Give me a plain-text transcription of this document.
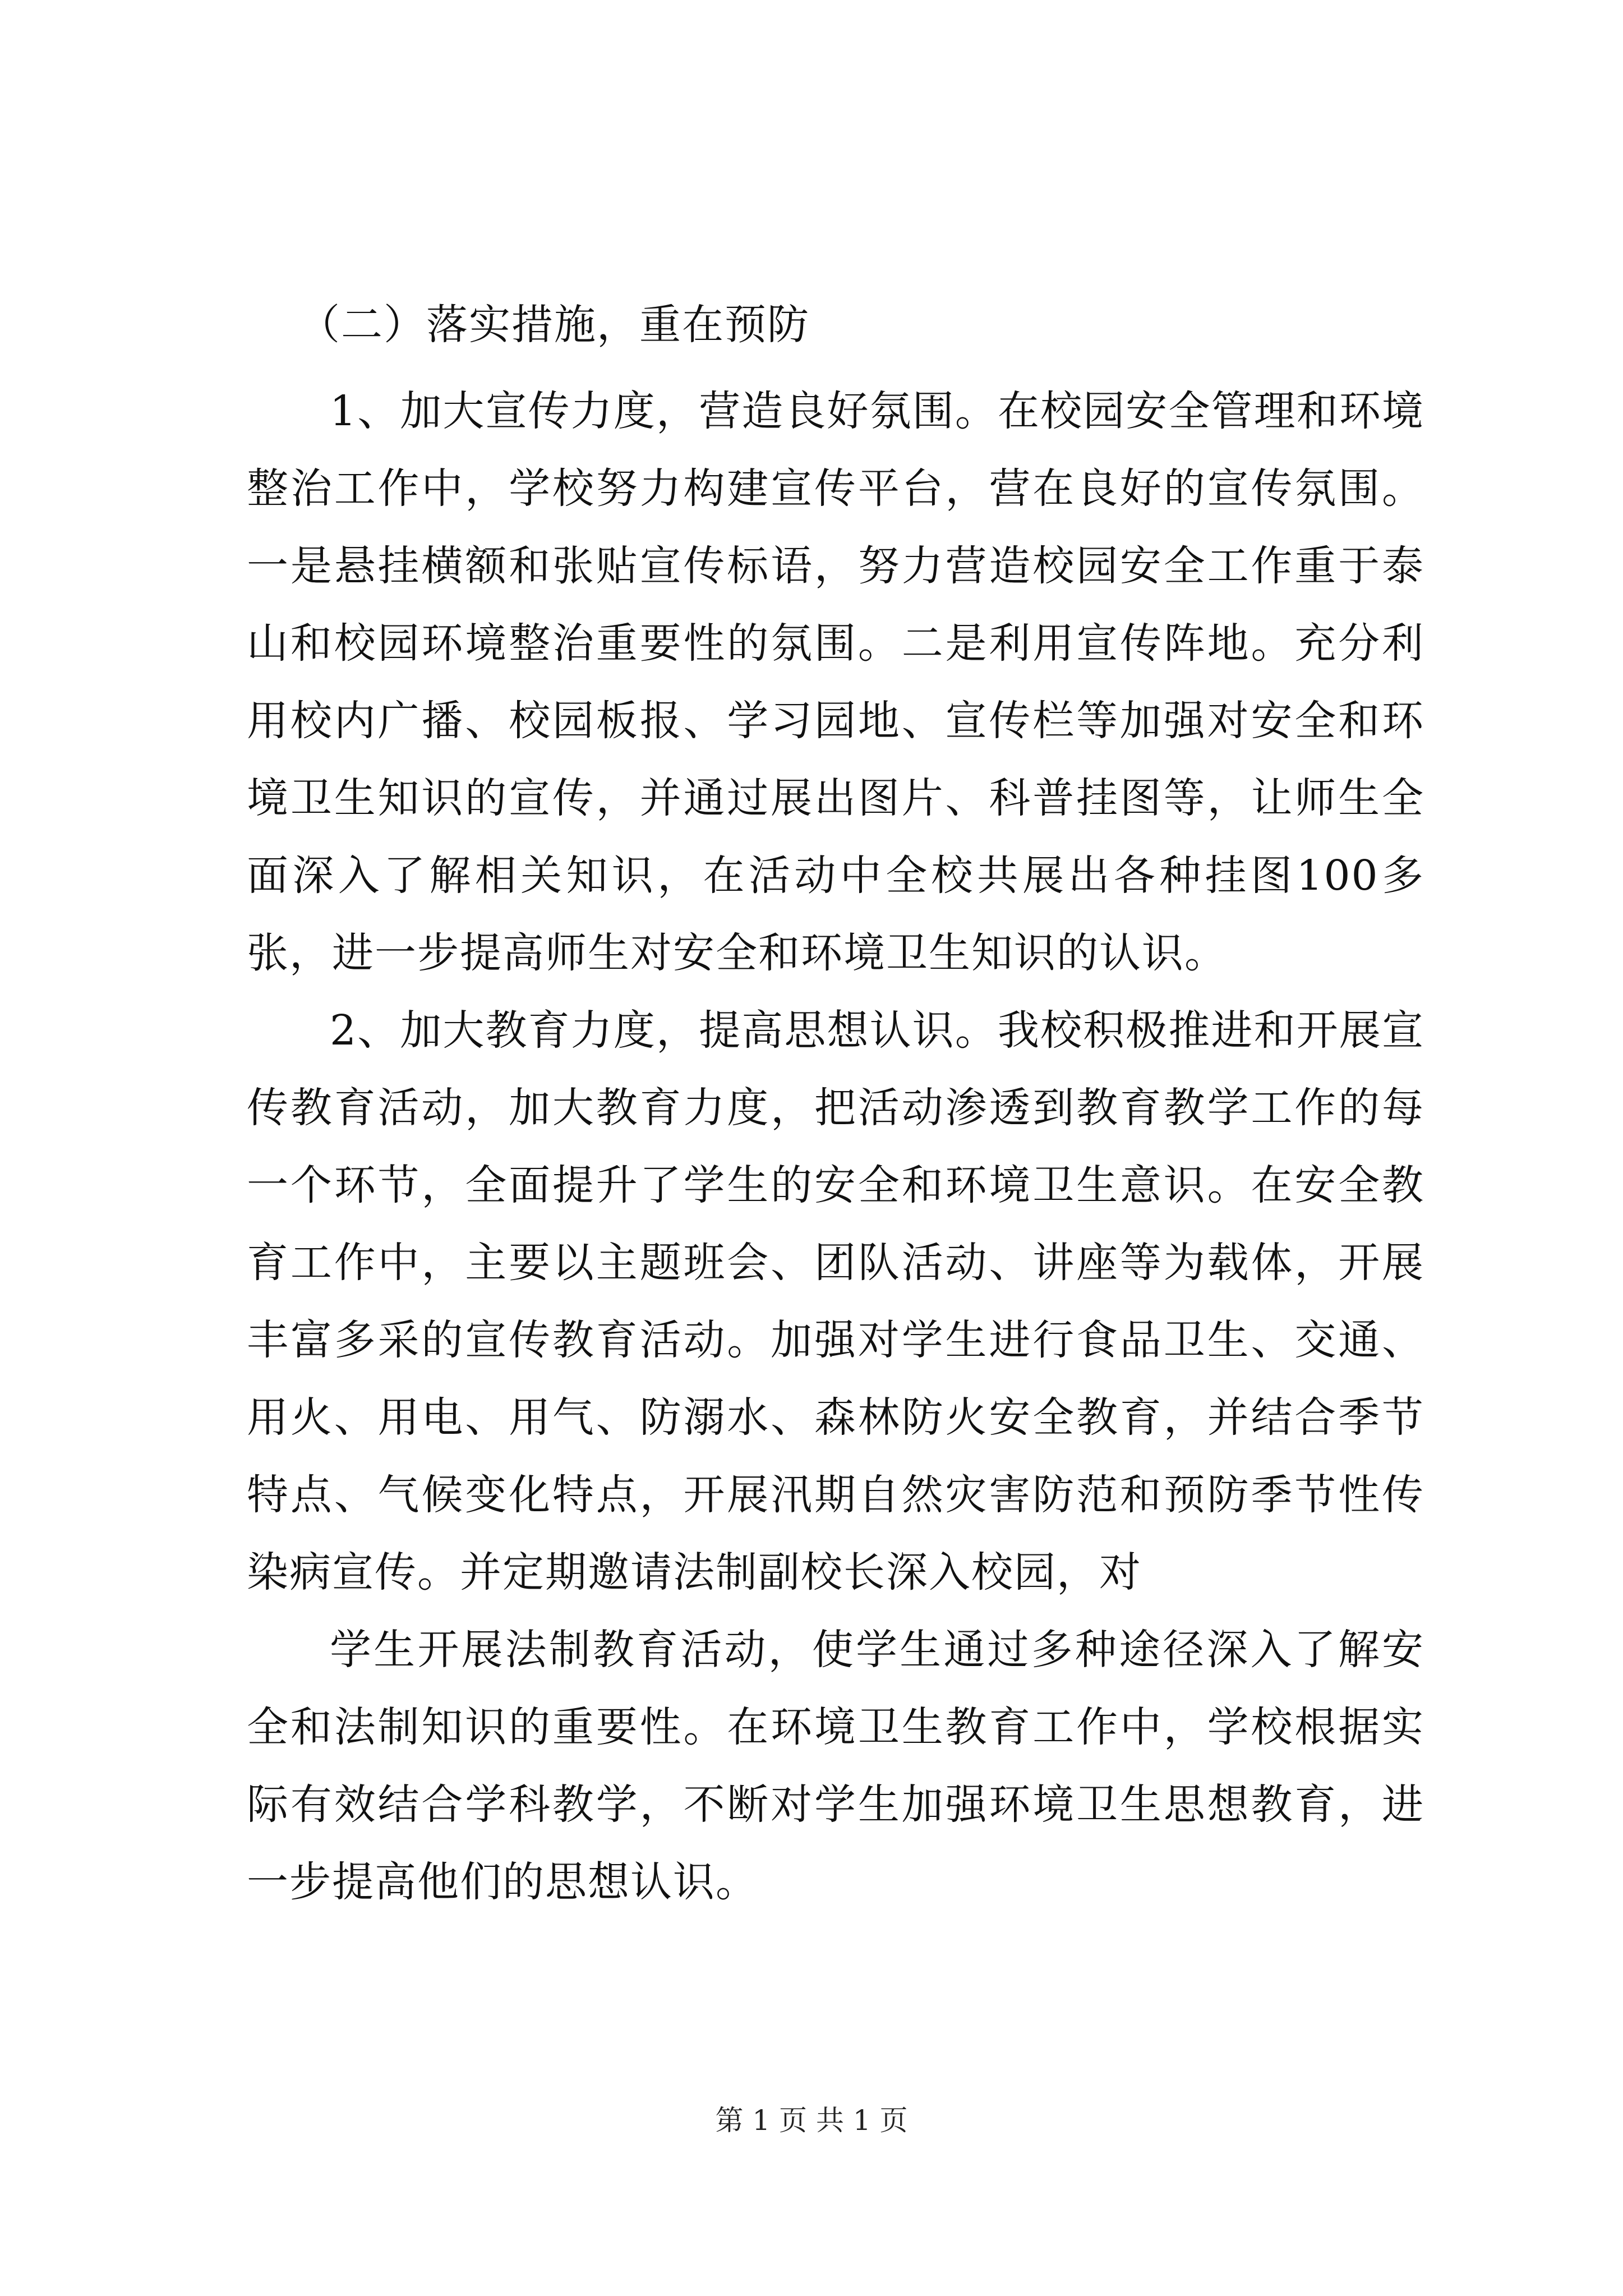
（二）落实措施，重在预防

1、加大宣传力度，营造良好氛围。在校园安全管理和环境整治工作中，学校努力构建宣传平台，营在良好的宣传氛围。一是悬挂横额和张贴宣传标语，努力营造校园安全工作重于泰山和校园环境整治重要性的氛围。二是利用宣传阵地。充分利用校内广播、校园板报、学习园地、宣传栏等加强对安全和环境卫生知识的宣传，并通过展出图片、科普挂图等，让师生全面深入了解相关知识，在活动中全校共展出各种挂图100多张，进一步提高师生对安全和环境卫生知识的认识。

2、加大教育力度，提高思想认识。我校积极推进和开展宣传教育活动，加大教育力度，把活动渗透到教育教学工作的每一个环节，全面提升了学生的安全和环境卫生意识。在安全教育工作中，主要以主题班会、团队活动、讲座等为载体，开展丰富多采的宣传教育活动。加强对学生进行食品卫生、交通、用火、用电、用气、防溺水、森林防火安全教育，并结合季节特点、气候变化特点，开展汛期自然灾害防范和预防季节性传染病宣传。并定期邀请法制副校长深入校园，对

学生开展法制教育活动，使学生通过多种途径深入了解安全和法制知识的重要性。在环境卫生教育工作中，学校根据实际有效结合学科教学，不断对学生加强环境卫生思想教育，进一步提高他们的思想认识。

第 1 页 共 1 页
